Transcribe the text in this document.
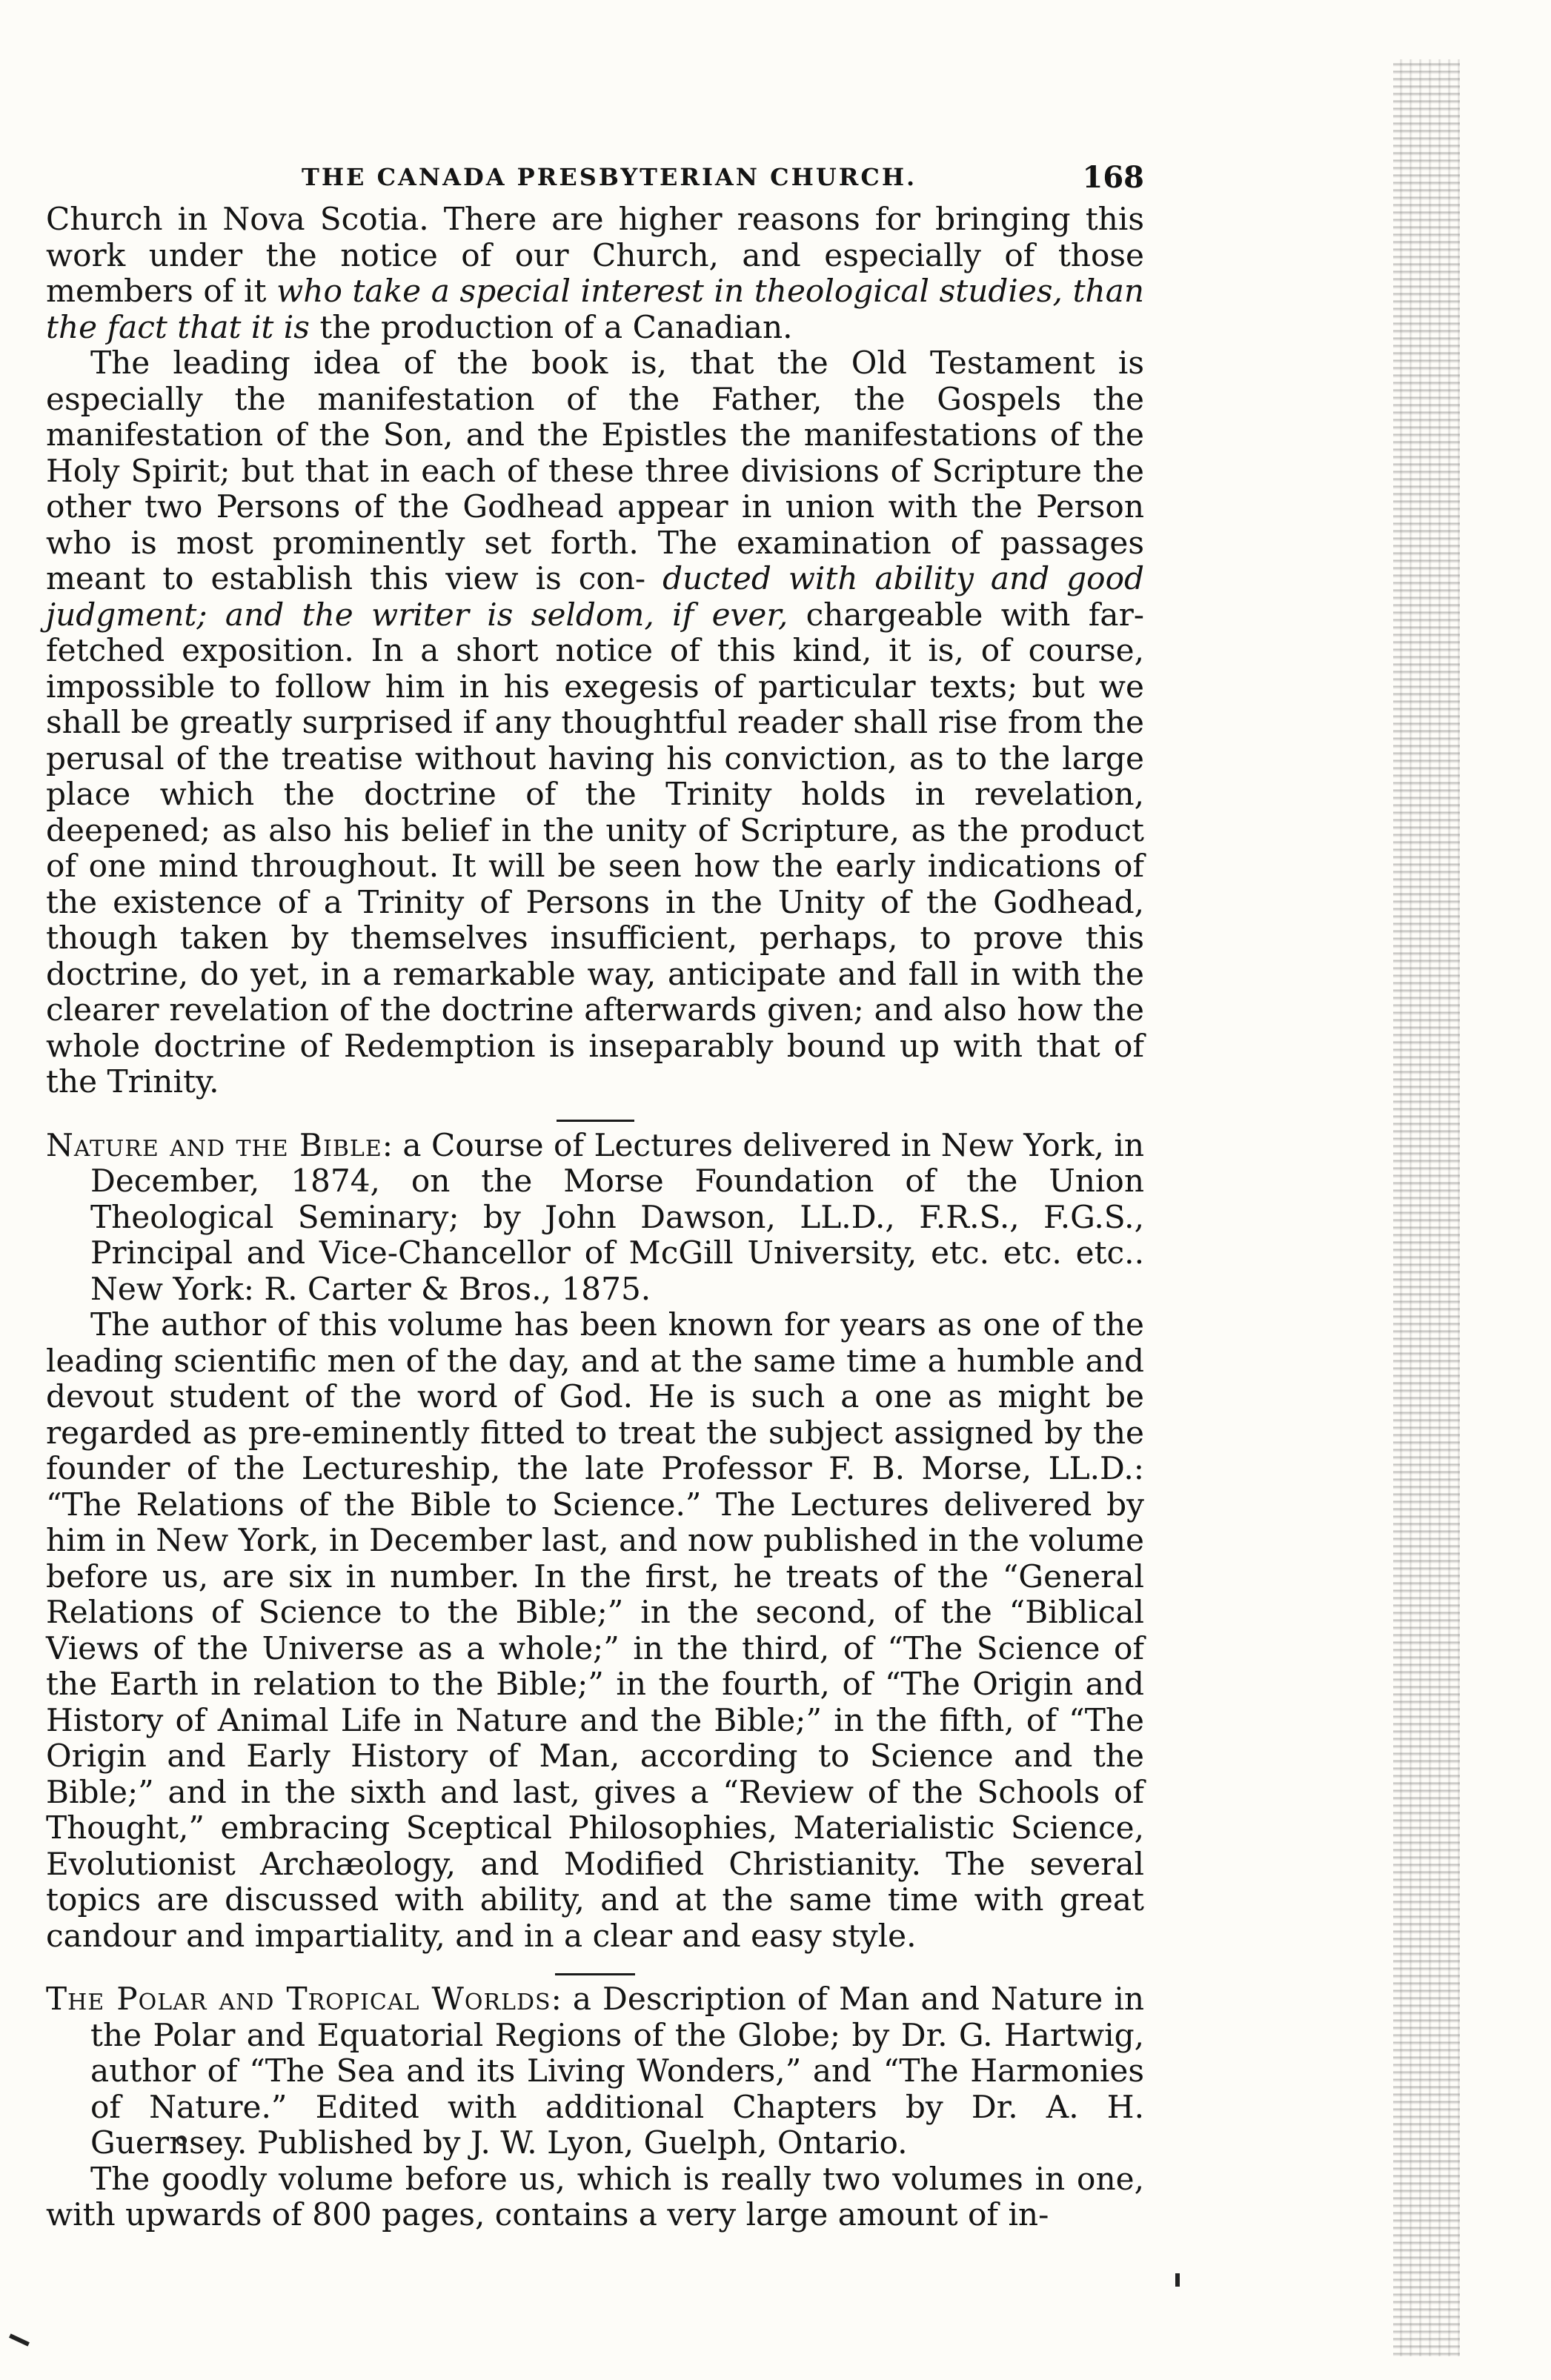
THE CANADA PRESBYTERIAN CHURCH.	168

Church in Nova Scotia. There are higher reasons for bringing this work under the notice of our Church, and especially of those members of it who take a special interest in theological studies, than the fact that it is the production of a Canadian.

The leading idea of the book is, that the Old Testament is especially the manifestation of the Father, the Gospels the manifestation of the Son, and the Epistles the manifestations of the Holy Spirit; but that in each of these three divisions of Scripture the other two Persons of the Godhead appear in union with the Person who is most prominently set forth. The examination of passages meant to establish this view is con- ducted with ability and good judgment; and the writer is seldom, if ever, chargeable with far-fetched exposition. In a short notice of this kind, it is, of course, impossible to follow him in his exegesis of particular texts; but we shall be greatly surprised if any thoughtful reader shall rise from the perusal of the treatise without having his conviction, as to the large place which the doctrine of the Trinity holds in revelation, deepened; as also his belief in the unity of Scripture, as the product of one mind throughout. It will be seen how the early indications of the existence of a Trinity of Persons in the Unity of the Godhead, though taken by themselves insufficient, perhaps, to prove this doctrine, do yet, in a remarkable way, anticipate and fall in with the clearer revelation of the doctrine afterwards given; and also how the whole doctrine of Redemption is inseparably bound up with that of the Trinity.

Nature and the Bible: a Course of Lectures delivered in New York, in December, 1874, on the Morse Foundation of the Union Theological Seminary; by John Dawson, LL.D., F.R.S., F.G.S., Principal and Vice-Chancellor of McGill University, etc. etc. etc.. New York: R. Carter & Bros., 1875.

The author of this volume has been known for years as one of the leading scientific men of the day, and at the same time a humble and devout student of the word of God. He is such a one as might be regarded as pre-eminently fitted to treat the subject assigned by the founder of the Lectureship, the late Professor F. B. Morse, LL.D.: “The Relations of the Bible to Science.” The Lectures delivered by him in New York, in December last, and now published in the volume before us, are six in number. In the first, he treats of the “General Relations of Science to the Bible;” in the second, of the “Biblical Views of the Universe as a whole;” in the third, of “The Science of the Earth in relation to the Bible;” in the fourth, of “The Origin and History of Animal Life in Nature and the Bible;” in the fifth, of “The Origin and Early History of Man, according to Science and the Bible;” and in the sixth and last, gives a “Review of the Schools of Thought,” embracing Sceptical Philosophies, Materialistic Science, Evolutionist Archæology, and Modified Christianity. The several topics are discussed with ability, and at the same time with great candour and impartiality, and in a clear and easy style.

The Polar and Tropical Worlds: a Description of Man and Nature in the Polar and Equatorial Regions of the Globe; by Dr. G. Hartwig, author of “The Sea and its Living Wonders,” and “The Harmonies of Nature.” Edited with additional Chapters by Dr. A. H. Guernsey. Published by J. W. Lyon, Guelph, Ontario.

The goodly volume before us, which is really two volumes in one, with upwards of 800 pages, contains a very large amount of in-
